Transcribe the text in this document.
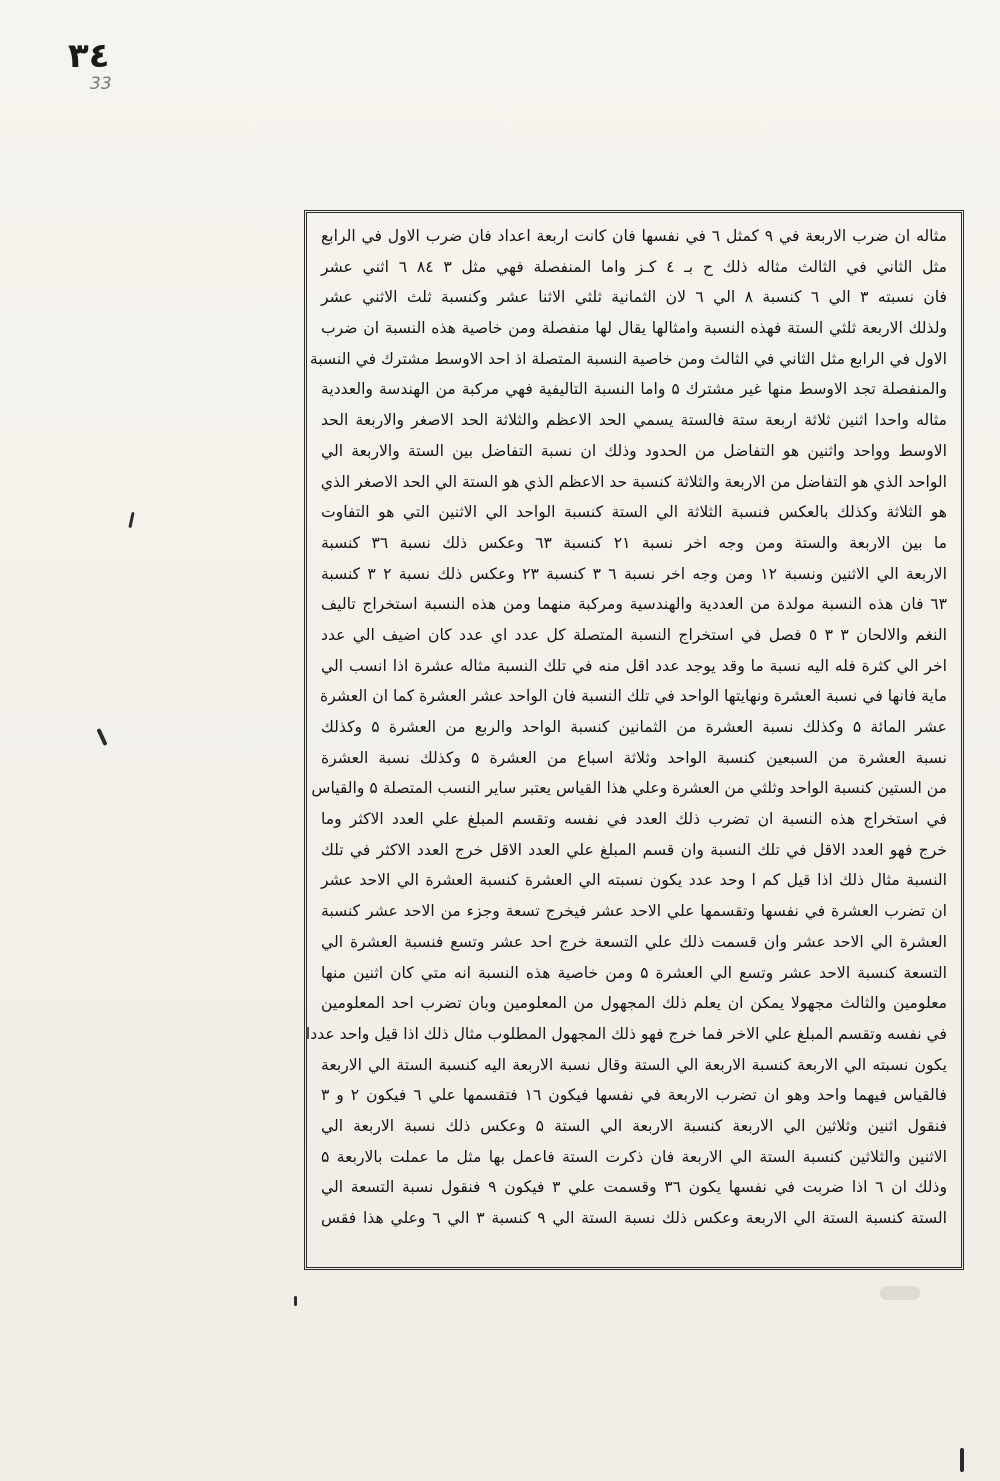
٣٤
33
مثاله ان ضرب الاربعة في ٩ كمثل ٦ في نفسها فان كانت اربعة اعداد فان ضرب الاول في الرابع
مثل الثاني في الثالث مثاله ذلك ح بـ ٤ كـز واما المنفصلة فهي مثل ٣ ٨٤ ٦ اثني عشر
فان نسبته ٣ الي ٦ كنسبة ٨ الي ٦ لان الثمانية ثلثي الاثنا عشر وكنسبة ثلث الاثني عشر
ولذلك الاربعة ثلثي الستة فهذه النسبة وامثالها يقال لها منفصلة ومن خاصية هذه النسبة ان ضرب
الاول في الرابع مثل الثاني في الثالث ومن خاصية النسبة المتصلة اذ احد الاوسط مشترك في النسبة
والمنفصلة تجد الاوسط منها غير مشترك ۵ واما النسبة التاليفية فهي مركبة من الهندسة والعددية
مثاله واحدا اثنين ثلاثة اربعة ستة فالستة يسمي الحد الاعظم والثلاثة الحد الاصغر والاربعة الحد
الاوسط وواحد واثنين هو التفاضل من الحدود وذلك ان نسبة التفاضل بين الستة والاربعة الي
الواحد الذي هو التفاضل من الاربعة والثلاثة كنسبة حد الاعظم الذي هو الستة الي الحد الاصغر الذي
هو الثلاثة وكذلك بالعكس فنسبة الثلاثة الي الستة كنسبة الواحد الي الاثنين التي هو التفاوت
ما بين الاربعة والستة ومن وجه اخر نسبة ٢١ كنسبة ٦٣ وعكس ذلك نسبة ٣٦ كنسبة
الاربعة الي الاثنين ونسبة ١٢ ومن وجه اخر نسبة ٦ ٣ كنسبة ٢٣ وعكس ذلك نسبة ٢ ٣ كنسبة
٦٣ فان هذه النسبة مولدة من العددية والهندسية ومركبة منهما ومن هذه النسبة استخراج تاليف
النغم والالحان ٣ ٣ ٥ فصل في استخراج النسبة المتصلة كل عدد اي عدد كان اضيف الي عدد
اخر الي كثرة فله اليه نسبة ما وقد يوجد عدد اقل منه في تلك النسبة مثاله عشرة اذا انسب الي
ماية فانها في نسبة العشرة ونهايتها الواحد في تلك النسبة فان الواحد عشر العشرة كما ان العشرة
عشر المائة ۵ وكذلك نسبة العشرة من الثمانين كنسبة الواحد والربع من العشرة ۵ وكذلك
نسبة العشرة من السبعين كنسبة الواحد وثلاثة اسباع من العشرة ۵ وكذلك نسبة العشرة
من الستين كنسبة الواحد وثلثي من العشرة وعلي هذا القياس يعتبر ساير النسب المتصلة ۵ والقياس
في استخراج هذه النسبة ان تضرب ذلك العدد في نفسه وتقسم المبلغ علي العدد الاكثر وما
خرج فهو العدد الاقل في تلك النسبة وان قسم المبلغ علي العدد الاقل خرج العدد الاكثر في تلك
النسبة مثال ذلك اذا قيل كم ا وحد عدد يكون نسبته الي العشرة كنسبة العشرة الي الاحد عشر
ان تضرب العشرة في نفسها وتقسمها علي الاحد عشر فيخرج تسعة وجزء من الاحد عشر كنسبة
العشرة الي الاحد عشر وان قسمت ذلك علي التسعة خرج احد عشر وتسع فنسبة العشرة الي
التسعة كنسبة الاحد عشر وتسع الي العشرة ۵ ومن خاصية هذه النسبة انه متي كان اثنين منها
معلومين والثالث مجهولا يمكن ان يعلم ذلك المجهول من المعلومين وبان تضرب احد المعلومين
في نفسه وتقسم المبلغ علي الاخر فما خرج فهو ذلك المجهول المطلوب مثال ذلك اذا قيل واحد عددا
يكون نسبته الي الاربعة كنسبة الاربعة الي الستة وقال نسبة الاربعة اليه كنسبة الستة الي الاربعة
فالقياس فيهما واحد وهو ان تضرب الاربعة في نفسها فيكون ١٦ فتقسمها علي ٦ فيكون ٢ و ٣
فنقول اثنين وثلاثين الي الاربعة كنسبة الاربعة الي الستة ۵ وعكس ذلك نسبة الاربعة الي
الاثنين والثلاثين كنسبة الستة الي الاربعة فان ذكرت الستة فاعمل بها مثل ما عملت بالاربعة ۵
وذلك ان ٦ اذا ضربت في نفسها يكون ٣٦ وقسمت علي ٣ فيكون ٩ فنقول نسبة التسعة الي
الستة كنسبة الستة الي الاربعة وعكس ذلك نسبة الستة الي ٩ كنسبة ٣ الي ٦ وعلي هذا فقس
